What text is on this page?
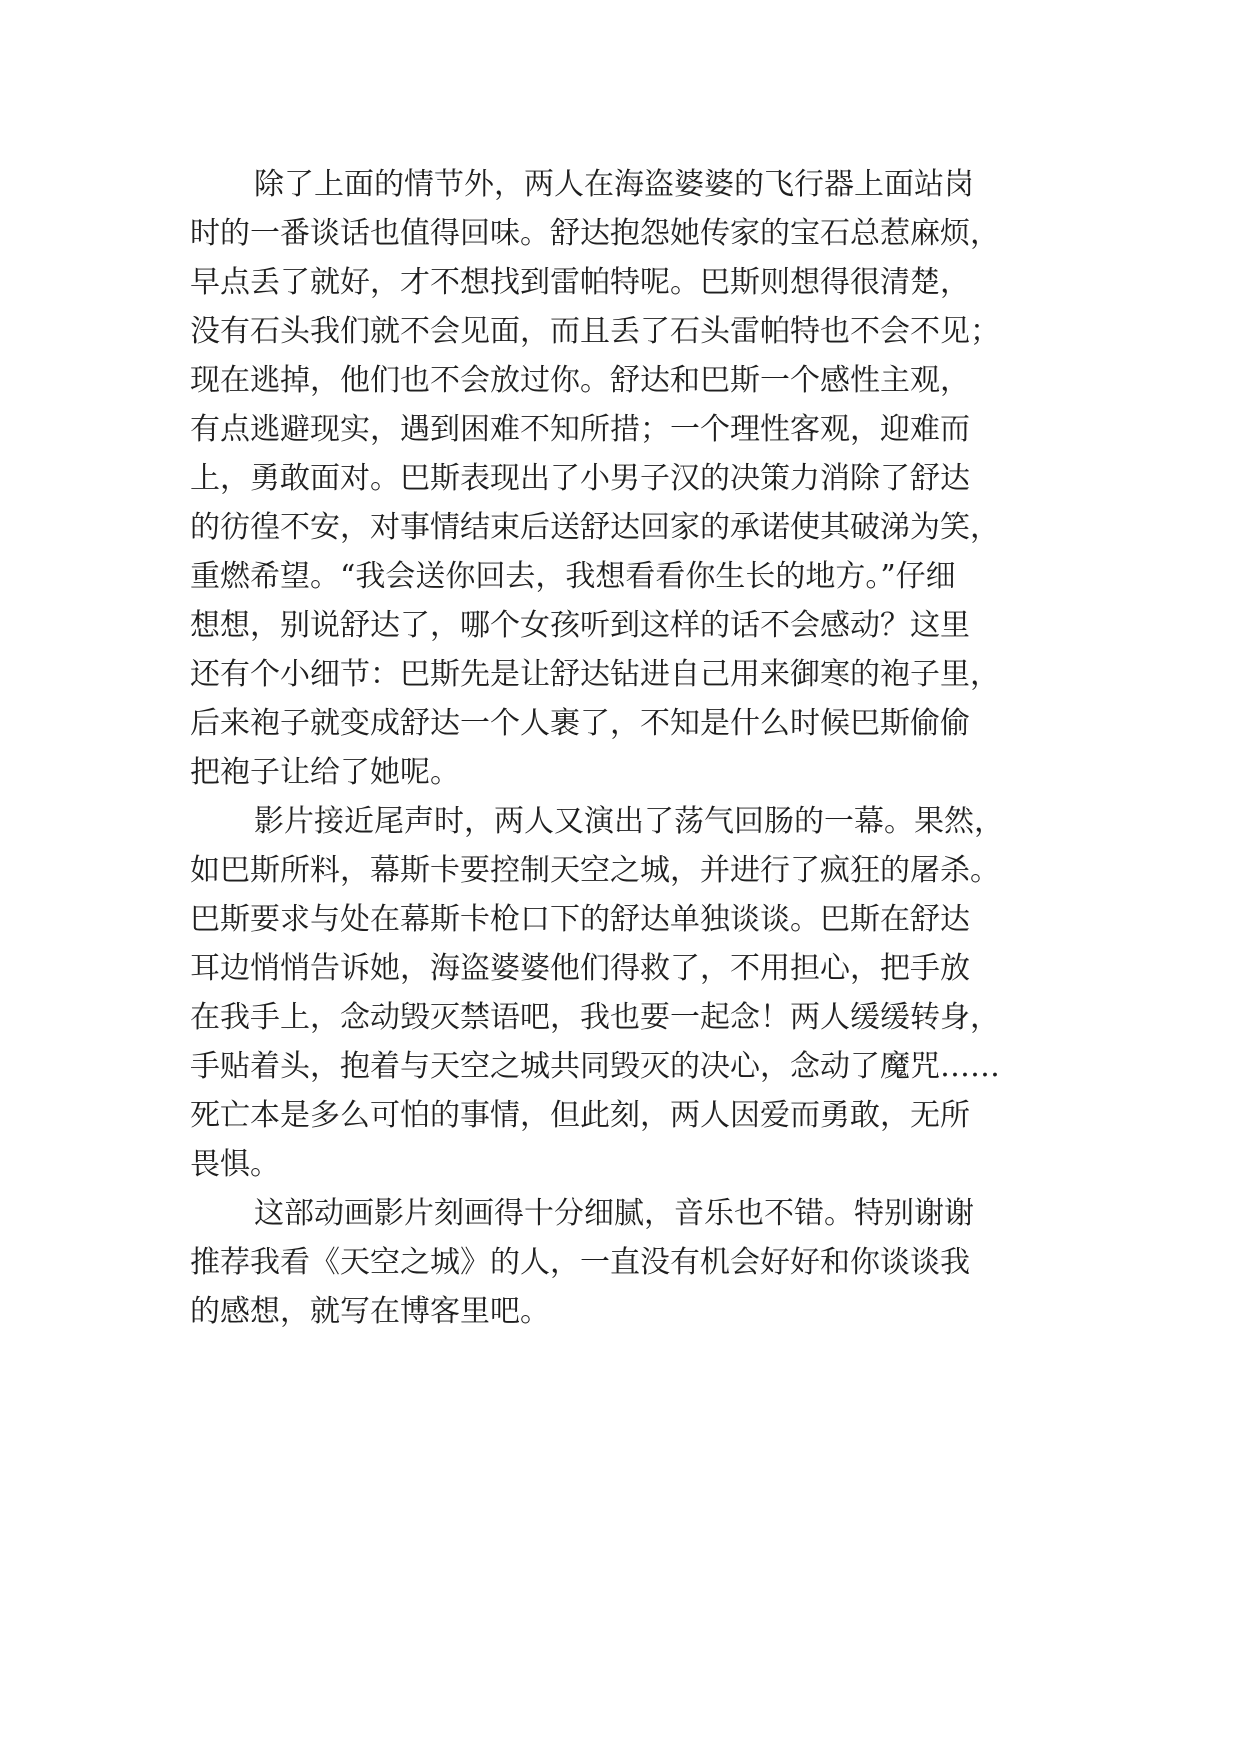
除了上面的情节外，两人在海盗婆婆的飞行器上面站岗
时的一番谈话也值得回味。舒达抱怨她传家的宝石总惹麻烦，
早点丢了就好，才不想找到雷帕特呢。巴斯则想得很清楚，
没有石头我们就不会见面，而且丢了石头雷帕特也不会不见；
现在逃掉，他们也不会放过你。舒达和巴斯一个感性主观，
有点逃避现实，遇到困难不知所措；一个理性客观，迎难而
上，勇敢面对。巴斯表现出了小男子汉的决策力消除了舒达
的彷徨不安，对事情结束后送舒达回家的承诺使其破涕为笑，
重燃希望。“我会送你回去，我想看看你生长的地方。”仔细
想想，别说舒达了，哪个女孩听到这样的话不会感动？这里
还有个小细节：巴斯先是让舒达钻进自己用来御寒的袍子里，
后来袍子就变成舒达一个人裹了，不知是什么时候巴斯偷偷
把袍子让给了她呢。
影片接近尾声时，两人又演出了荡气回肠的一幕。果然，
如巴斯所料，幕斯卡要控制天空之城，并进行了疯狂的屠杀。
巴斯要求与处在幕斯卡枪口下的舒达单独谈谈。巴斯在舒达
耳边悄悄告诉她，海盗婆婆他们得救了，不用担心，把手放
在我手上，念动毁灭禁语吧，我也要一起念！两人缓缓转身，
手贴着头，抱着与天空之城共同毁灭的决心，念动了魔咒……
死亡本是多么可怕的事情，但此刻，两人因爱而勇敢，无所
畏惧。
这部动画影片刻画得十分细腻，音乐也不错。特别谢谢
推荐我看《天空之城》的人，一直没有机会好好和你谈谈我
的感想，就写在博客里吧。
